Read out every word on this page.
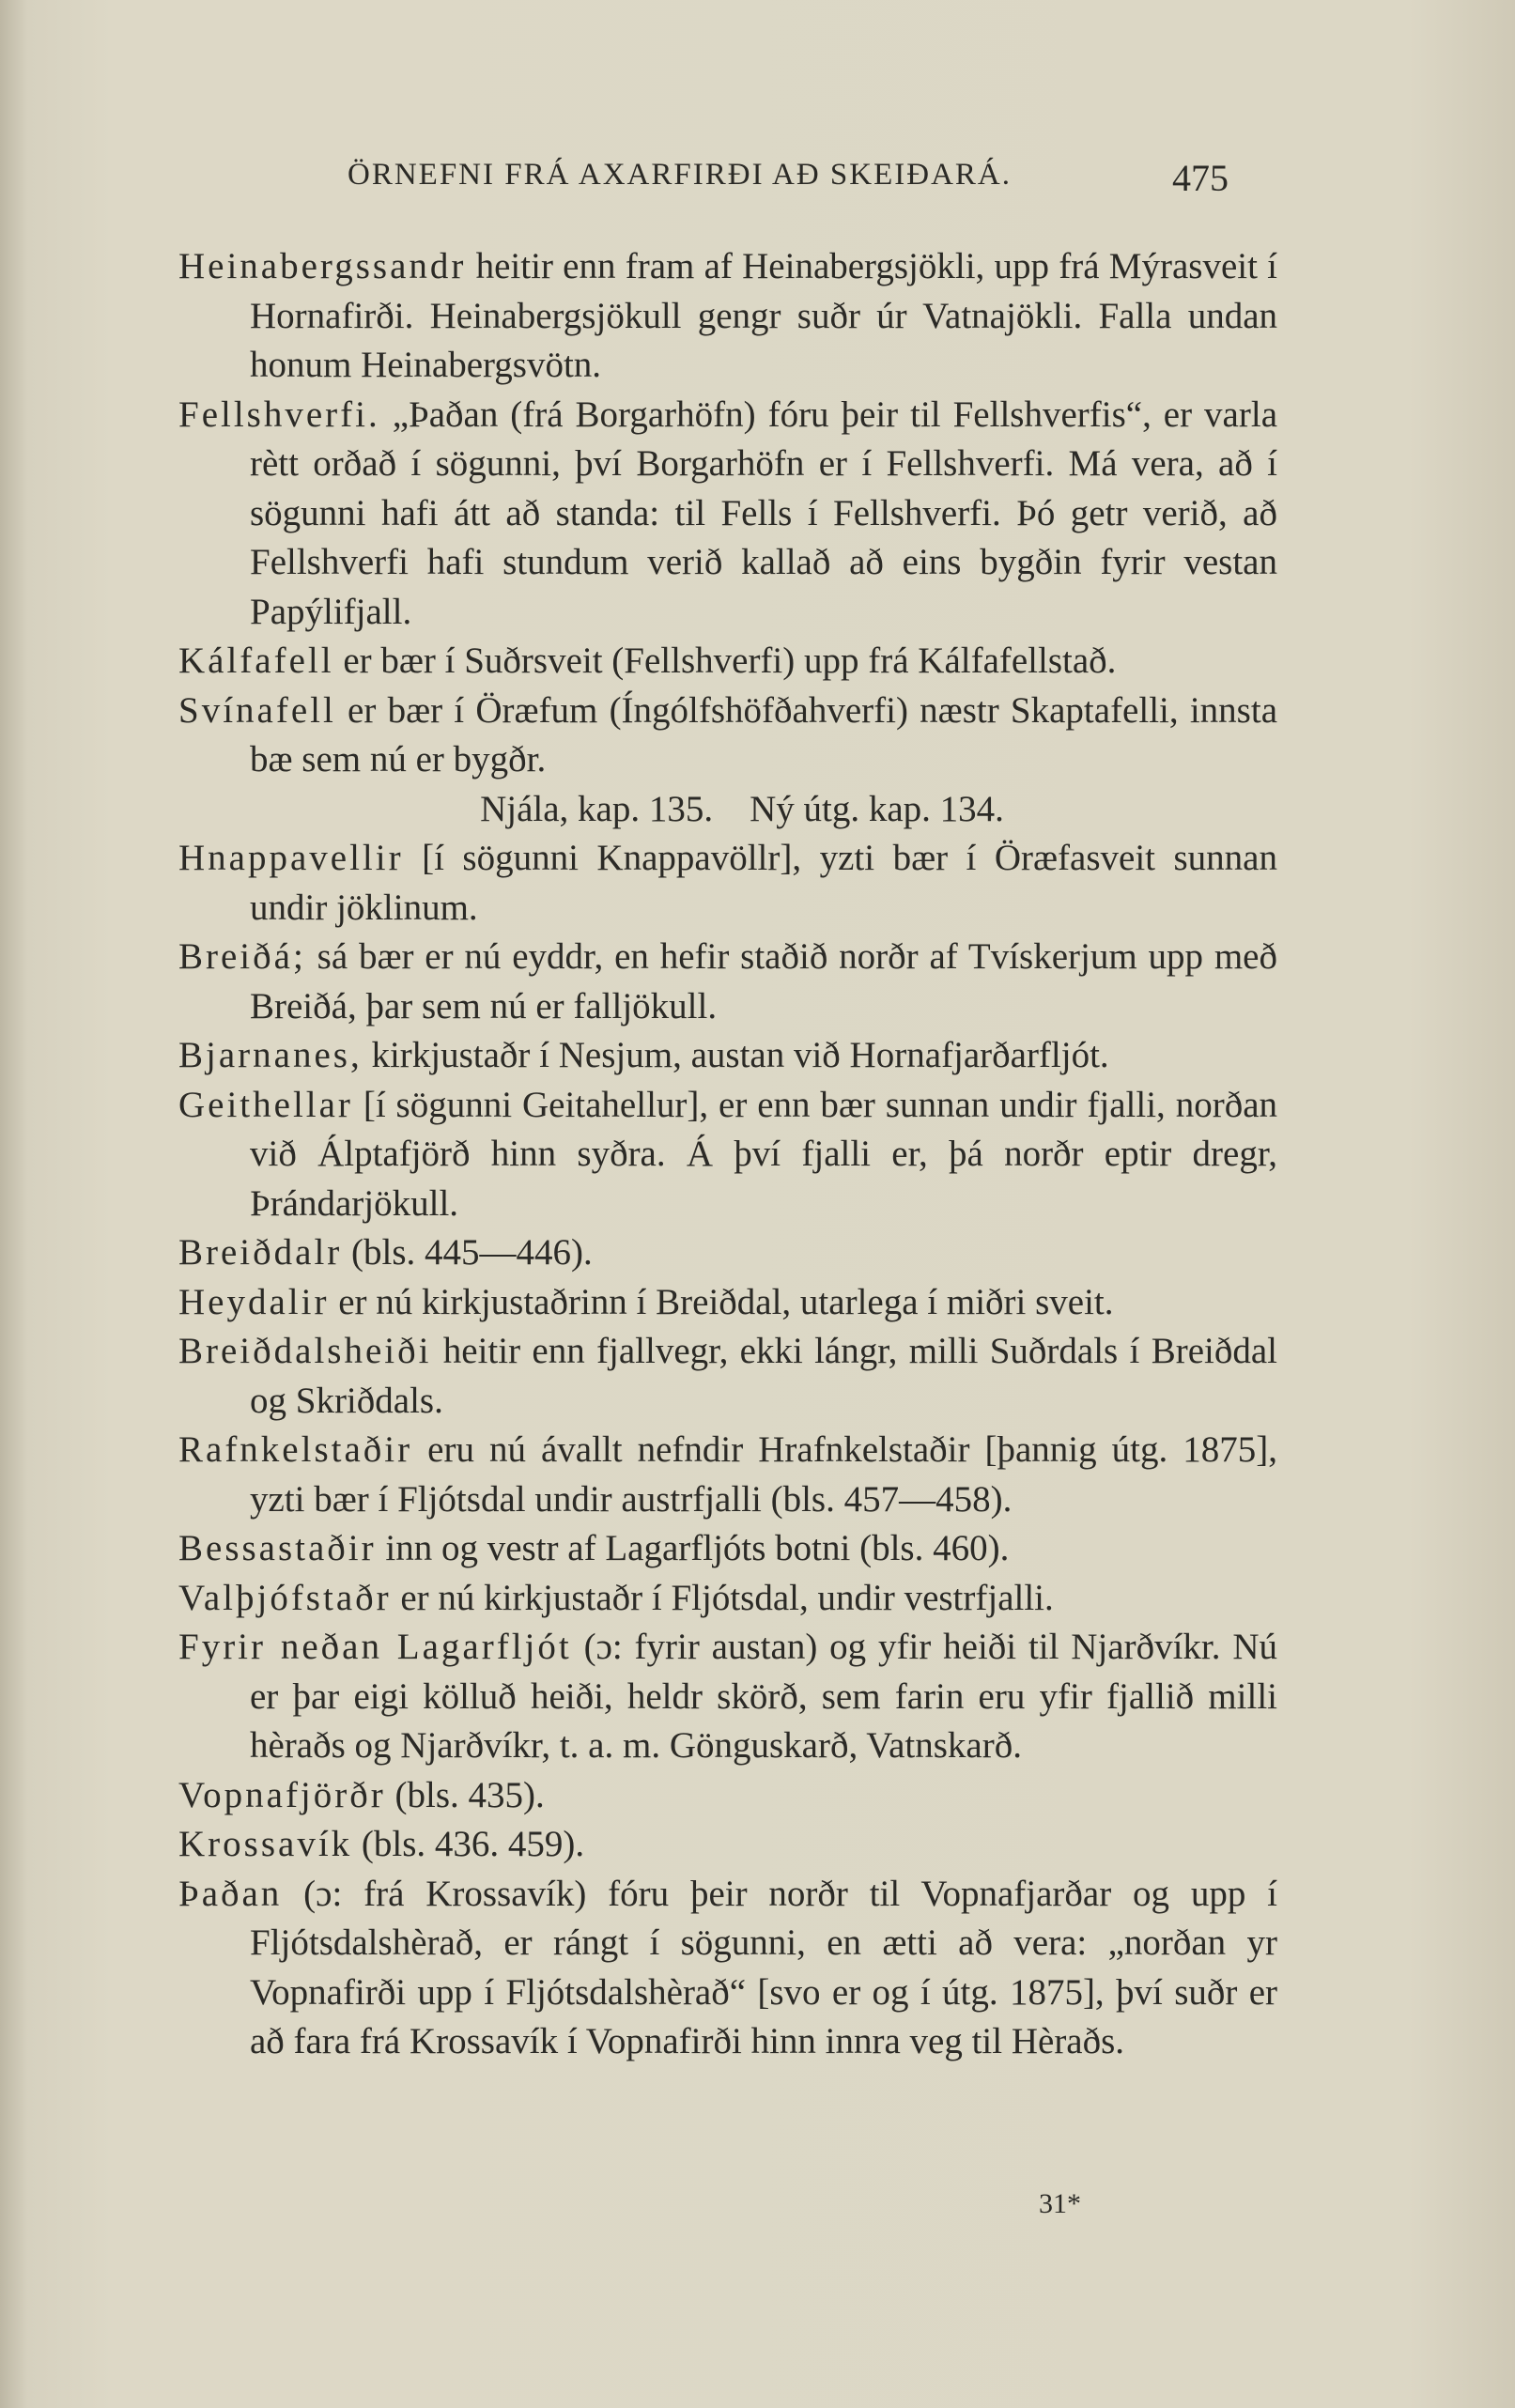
ÖRNEFNI FRÁ AXARFIRÐI AÐ SKEIÐARÁ.	475

Heinabergssandr heitir enn fram af Heinabergsjökli, upp frá Mýrasveit í Hornafirði. Heinabergsjökull gengr suðr úr Vatnajökli. Falla undan honum Heinabergsvötn.

Fellshverfi. „Þaðan (frá Borgarhöfn) fóru þeir til Fellshverfis“, er varla rètt orðað í sögunni, því Borgarhöfn er í Fellshverfi. Má vera, að í sögunni hafi átt að standa: til Fells í Fellshverfi. Þó getr verið, að Fellshverfi hafi stundum verið kallað að eins bygðin fyrir vestan Papýlifjall.

Kálfafell er bær í Suðrsveit (Fellshverfi) upp frá Kálfafellstað.

Svínafell er bær í Öræfum (Íngólfshöfðahverfi) næstr Skaptafelli, innsta bæ sem nú er bygðr.

Njála, kap. 135.    Ný útg. kap. 134.

Hnappavellir [í sögunni Knappavöllr], yzti bær í Öræfasveit sunnan undir jöklinum.

Breiðá; sá bær er nú eyddr, en hefir staðið norðr af Tvískerjum upp með Breiðá, þar sem nú er falljökull.

Bjarnanes, kirkjustaðr í Nesjum, austan við Hornafjarðarfljót.

Geithellar [í sögunni Geitahellur], er enn bær sunnan undir fjalli, norðan við Álptafjörð hinn syðra. Á því fjalli er, þá norðr eptir dregr, Þrándarjökull.

Breiðdalr (bls. 445—446).

Heydalir er nú kirkjustaðrinn í Breiðdal, utarlega í miðri sveit.

Breiðdalsheiði heitir enn fjallvegr, ekki lángr, milli Suðrdals í Breiðdal og Skriðdals.

Rafnkelstaðir eru nú ávallt nefndir Hrafnkelstaðir [þannig útg. 1875], yzti bær í Fljótsdal undir austrfjalli (bls. 457—458).

Bessastaðir inn og vestr af Lagarfljóts botni (bls. 460).

Valþjófstaðr er nú kirkjustaðr í Fljótsdal, undir vestrfjalli.

Fyrir neðan Lagarfljót (ɔ: fyrir austan) og yfir heiði til Njarðvíkr. Nú er þar eigi kölluð heiði, heldr skörð, sem farin eru yfir fjallið milli hèraðs og Njarðvíkr, t. a. m. Gönguskarð, Vatnskarð.

Vopnafjörðr (bls. 435).

Krossavík (bls. 436. 459).

Þaðan (ɔ: frá Krossavík) fóru þeir norðr til Vopnafjarðar og upp í Fljótsdalshèrað, er rángt í sögunni, en ætti að vera: „norðan yr Vopnafirði upp í Fljótsdalshèrað“ [svo er og í útg. 1875], því suðr er að fara frá Krossavík í Vopnafirði hinn innra veg til Hèraðs.

31*
